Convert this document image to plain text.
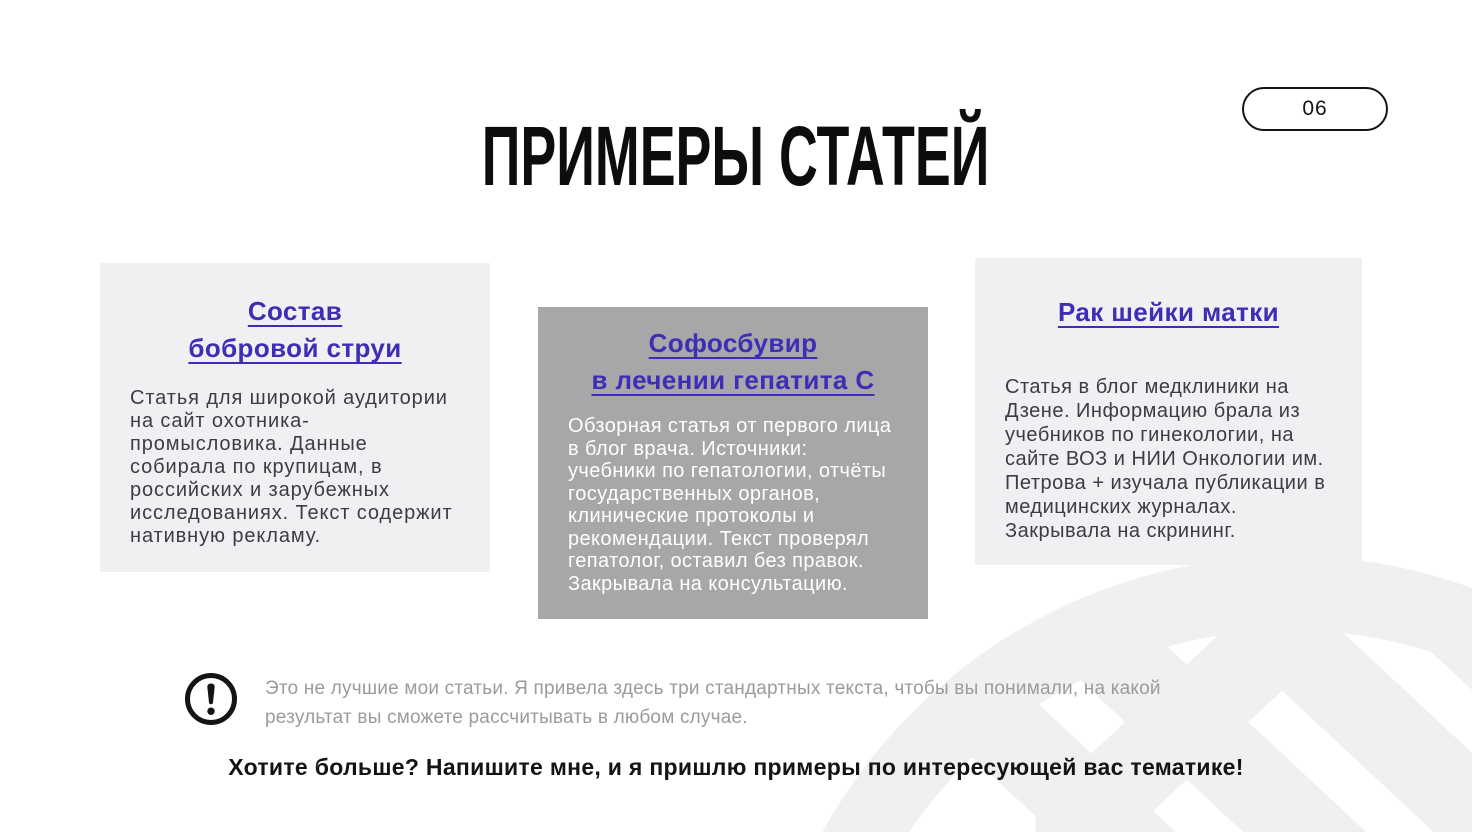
06
ПРИМЕРЫ СТАТЕЙ
Состав
бобровой струи

Статья для широкой аудитории на сайт охотника-промысловика. Данные собирала по крупицам, в российских и зарубежных исследованиях. Текст содержит нативную рекламу.

Софосбувир
в лечении гепатита С

Обзорная статья от первого лица в блог врача. Источники: учебники по гепатологии, отчёты государственных органов, клинические протоколы и рекомендации. Текст проверял гепатолог, оставил без правок. Закрывала на консультацию.

Рак шейки матки

Статья в блог медклиники на Дзене. Информацию брала из учебников по гинекологии, на сайте ВОЗ и НИИ Онкологии им. Петрова + изучала публикации в медицинских журналах. Закрывала на скрининг.

Это не лучшие мои статьи. Я привела здесь три стандартных текста, чтобы вы понимали, на какой результат вы сможете рассчитывать в любом случае.

Хотите больше? Напишите мне, и я пришлю примеры по интересующей вас тематике!
